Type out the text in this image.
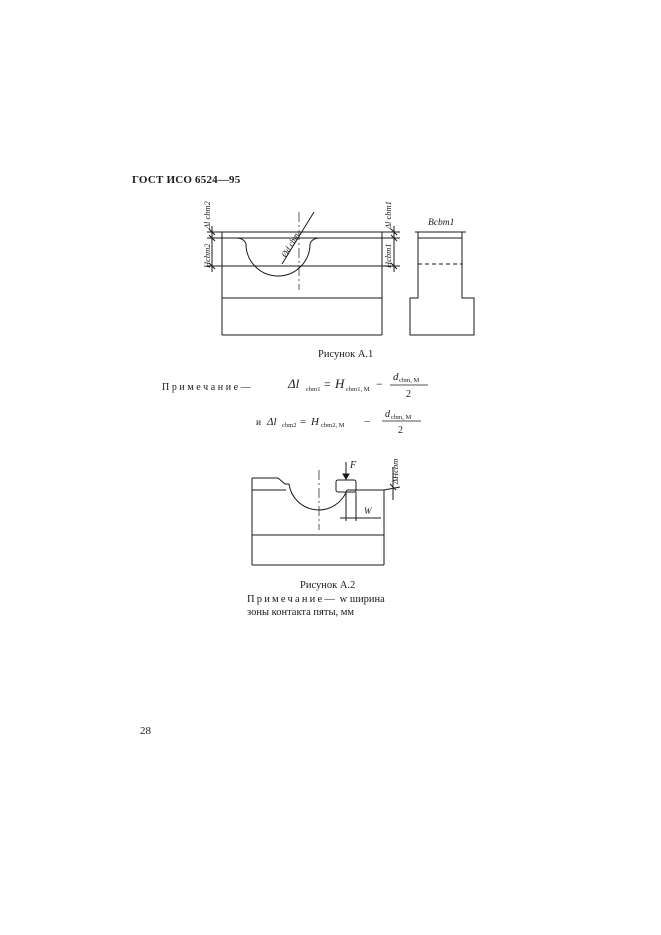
ГОСТ ИСО 6524—95
Δl cbm2
Hcbm2	Ød cbm
Δl cbm1
Hcbm1
Bcbm1
Рисунок А.1
Примечание—	Δl cbm1 = H cbm1, M − d cbm, M
2
и Δl cbm2 = H cbm2, M −
d cbm, M
2
F
W
ΔHcbm
Рисунок А.2
Примечание— w ширина
зоны контакта пяты, мм
28
